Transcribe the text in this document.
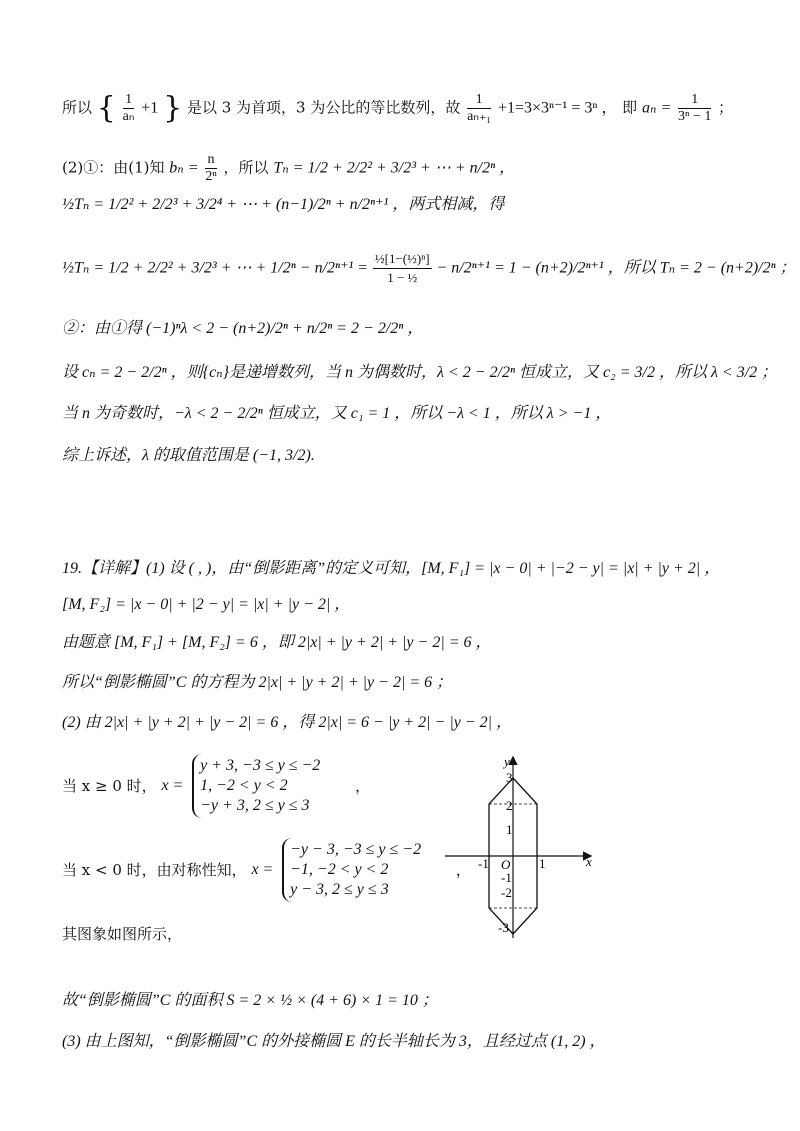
所以 { $\frac{1}{\text{aₙ}} +1$ } 是以 3 为首项，3 为公比的等比数列，故 $\frac{1}{\text{aₙ₊₁}} +1=3\times 3^{n-1} = 3^n$ ， 即 $a_n = \frac{1}{\text{3ⁿ − 1}}$ ；
(2)①：由(1)知 $b_n = \frac{n}{\text{2ⁿ}}$ ，所以 Tₙ = 1/2 + 2/2² + 3/2³ + ⋯ + n/2ⁿ ，
½Tₙ = 1/2² + 2/2³ + 3/2⁴ + ⋯ + (n−1)/2ⁿ + n/2ⁿ⁺¹ ，两式相减，得
½Tₙ = 1/2 + 2/2² + 3/2³ + ⋯ + $1/2^n - n/2^{n+1} = \frac{\text{½[1−(½)ⁿ]}}{\text{1 − ½}} - n/2^{n+1} = 1 - (n+2)/2^{n+1}$ ，所以 Tₙ = 2 − (n+2)/2ⁿ ；
②：由①得 (−1)ⁿλ < 2 − (n+2)/2ⁿ + n/2ⁿ = 2 − 2/2ⁿ ，
设 cₙ = 2 − 2/2ⁿ ，则{cₙ}是递增数列，当 n 为偶数时，λ < 2 − 2/2ⁿ 恒成立，又 c₂ = 3/2 ，所以 λ < 3/2 ；
当 n 为奇数时，−λ < 2 − 2/2ⁿ 恒成立，又 c₁ = 1 ，所以 −λ < 1 ，所以 λ > −1 ，
综上诉述，λ 的取值范围是 (−1, 3/2).
19.【详解】(1) 设 ( , )，由“倒影距离”的定义可知，[M, F₁] = |x − 0| + |−2 − y| = |x| + |y + 2| ，
[M, F₂] = |x − 0| + |2 − y| = |x| + |y − 2| ，
由题意 [M, F₁] + [M, F₂] = 6 ，即 2|x| + |y + 2| + |y − 2| = 6 ，
所以“倒影椭圆”C 的方程为 2|x| + |y + 2| + |y − 2| = 6 ；
(2) 由 2|x| + |y + 2| + |y − 2| = 6 ，得 2|x| = 6 − |y + 2| − |y − 2| ，
当 x ≥ 0 时， x =
y + 3, −3 ≤ y ≤ −2
1, −2 < y < 2
−y + 3, 2 ≤ y ≤ 3
，
当 x < 0 时，由对称性知， x =
−y − 3, −3 ≤ y ≤ −2
−1, −2 < y < 2
y − 3, 2 ≤ y ≤ 3
，
其图象如图所示，
故“倒影椭圆”C 的面积 S = 2 × ½ × (4 + 6) × 1 = 10 ；
(3) 由上图知，“倒影椭圆”C 的外接椭圆 E 的长半轴长为 3，且经过点 (1, 2) ，
x
y
O
-1	1
3
2
1
-1
-2
-3
